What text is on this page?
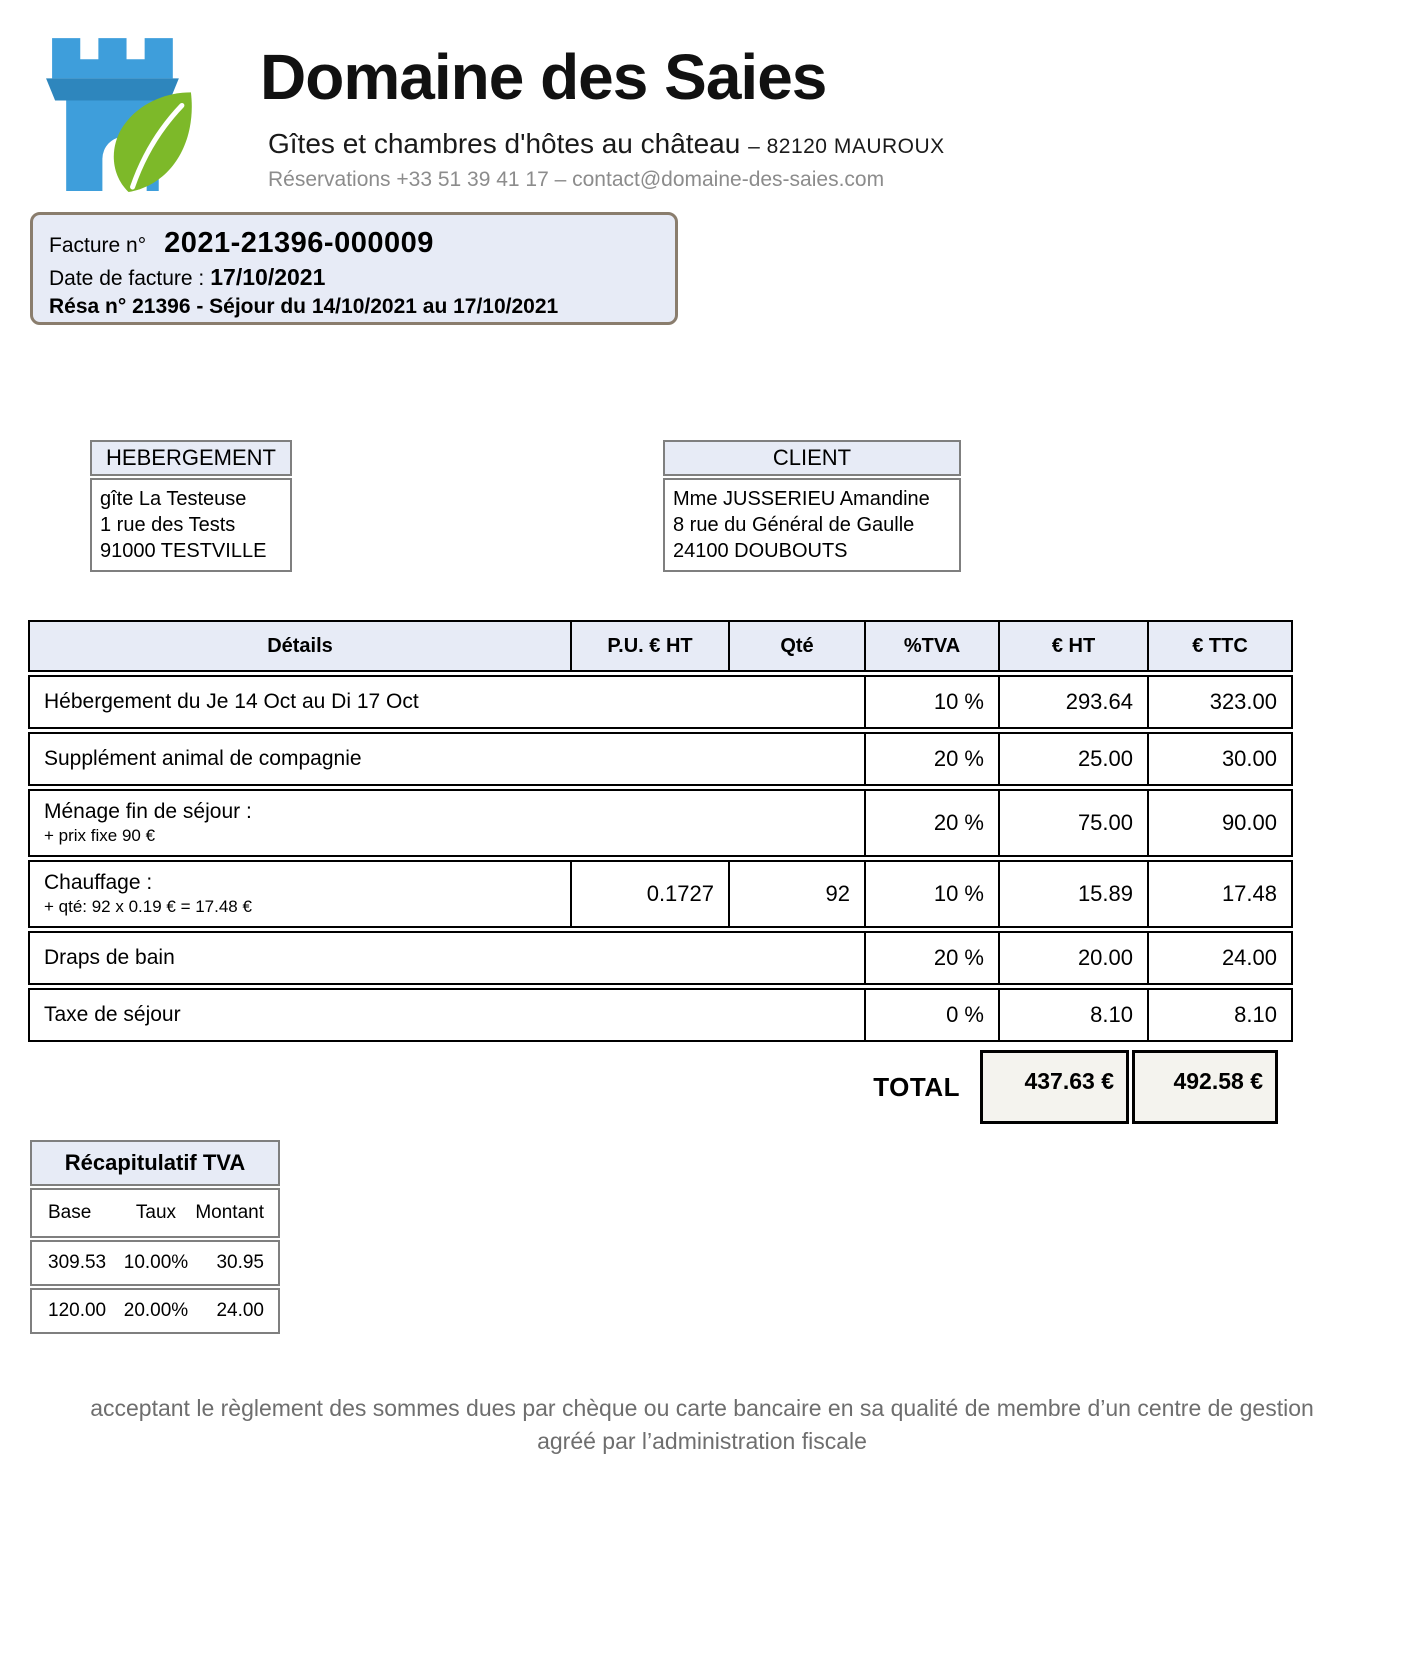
Domaine des Saies
Gîtes et chambres d'hôtes au château – 82120 MAUROUX
Réservations +33 51 39 41 17 – contact@domaine-des-saies.com
Facture n° 2021-21396-000009
Date de facture : 17/10/2021
Résa n° 21396 - Séjour du 14/10/2021 au 17/10/2021
HEBERGEMENT
gîte La Testeuse
1 rue des Tests
91000 TESTVILLE
CLIENT
Mme JUSSERIEU Amandine
8 rue du Général de Gaulle
24100 DOUBOUTS
Détails	P.U. € HT	Qté	%TVA	€ HT	€ TTC
Hébergement du Je 14 Oct au Di 17 Oct	10 %	293.64	323.00
Supplément animal de compagnie	20 %	25.00	30.00
Ménage fin de séjour :
+ prix fixe 90 €
20 %	75.00	90.00
Chauffage :
+ qté: 92 x 0.19 € = 17.48 €
0.1727	92	10 %	15.89	17.48
Draps de bain	20 %	20.00	24.00
Taxe de séjour	0 %	8.10	8.10
TOTAL	437.63 €	492.58 €
Récapitulatif TVA
Base	Taux	Montant
309.53 10.00%	30.95
120.00 20.00%	24.00
acceptant le règlement des sommes dues par chèque ou carte bancaire en sa qualité de membre d’un centre de gestion
agréé par l’administration fiscale
